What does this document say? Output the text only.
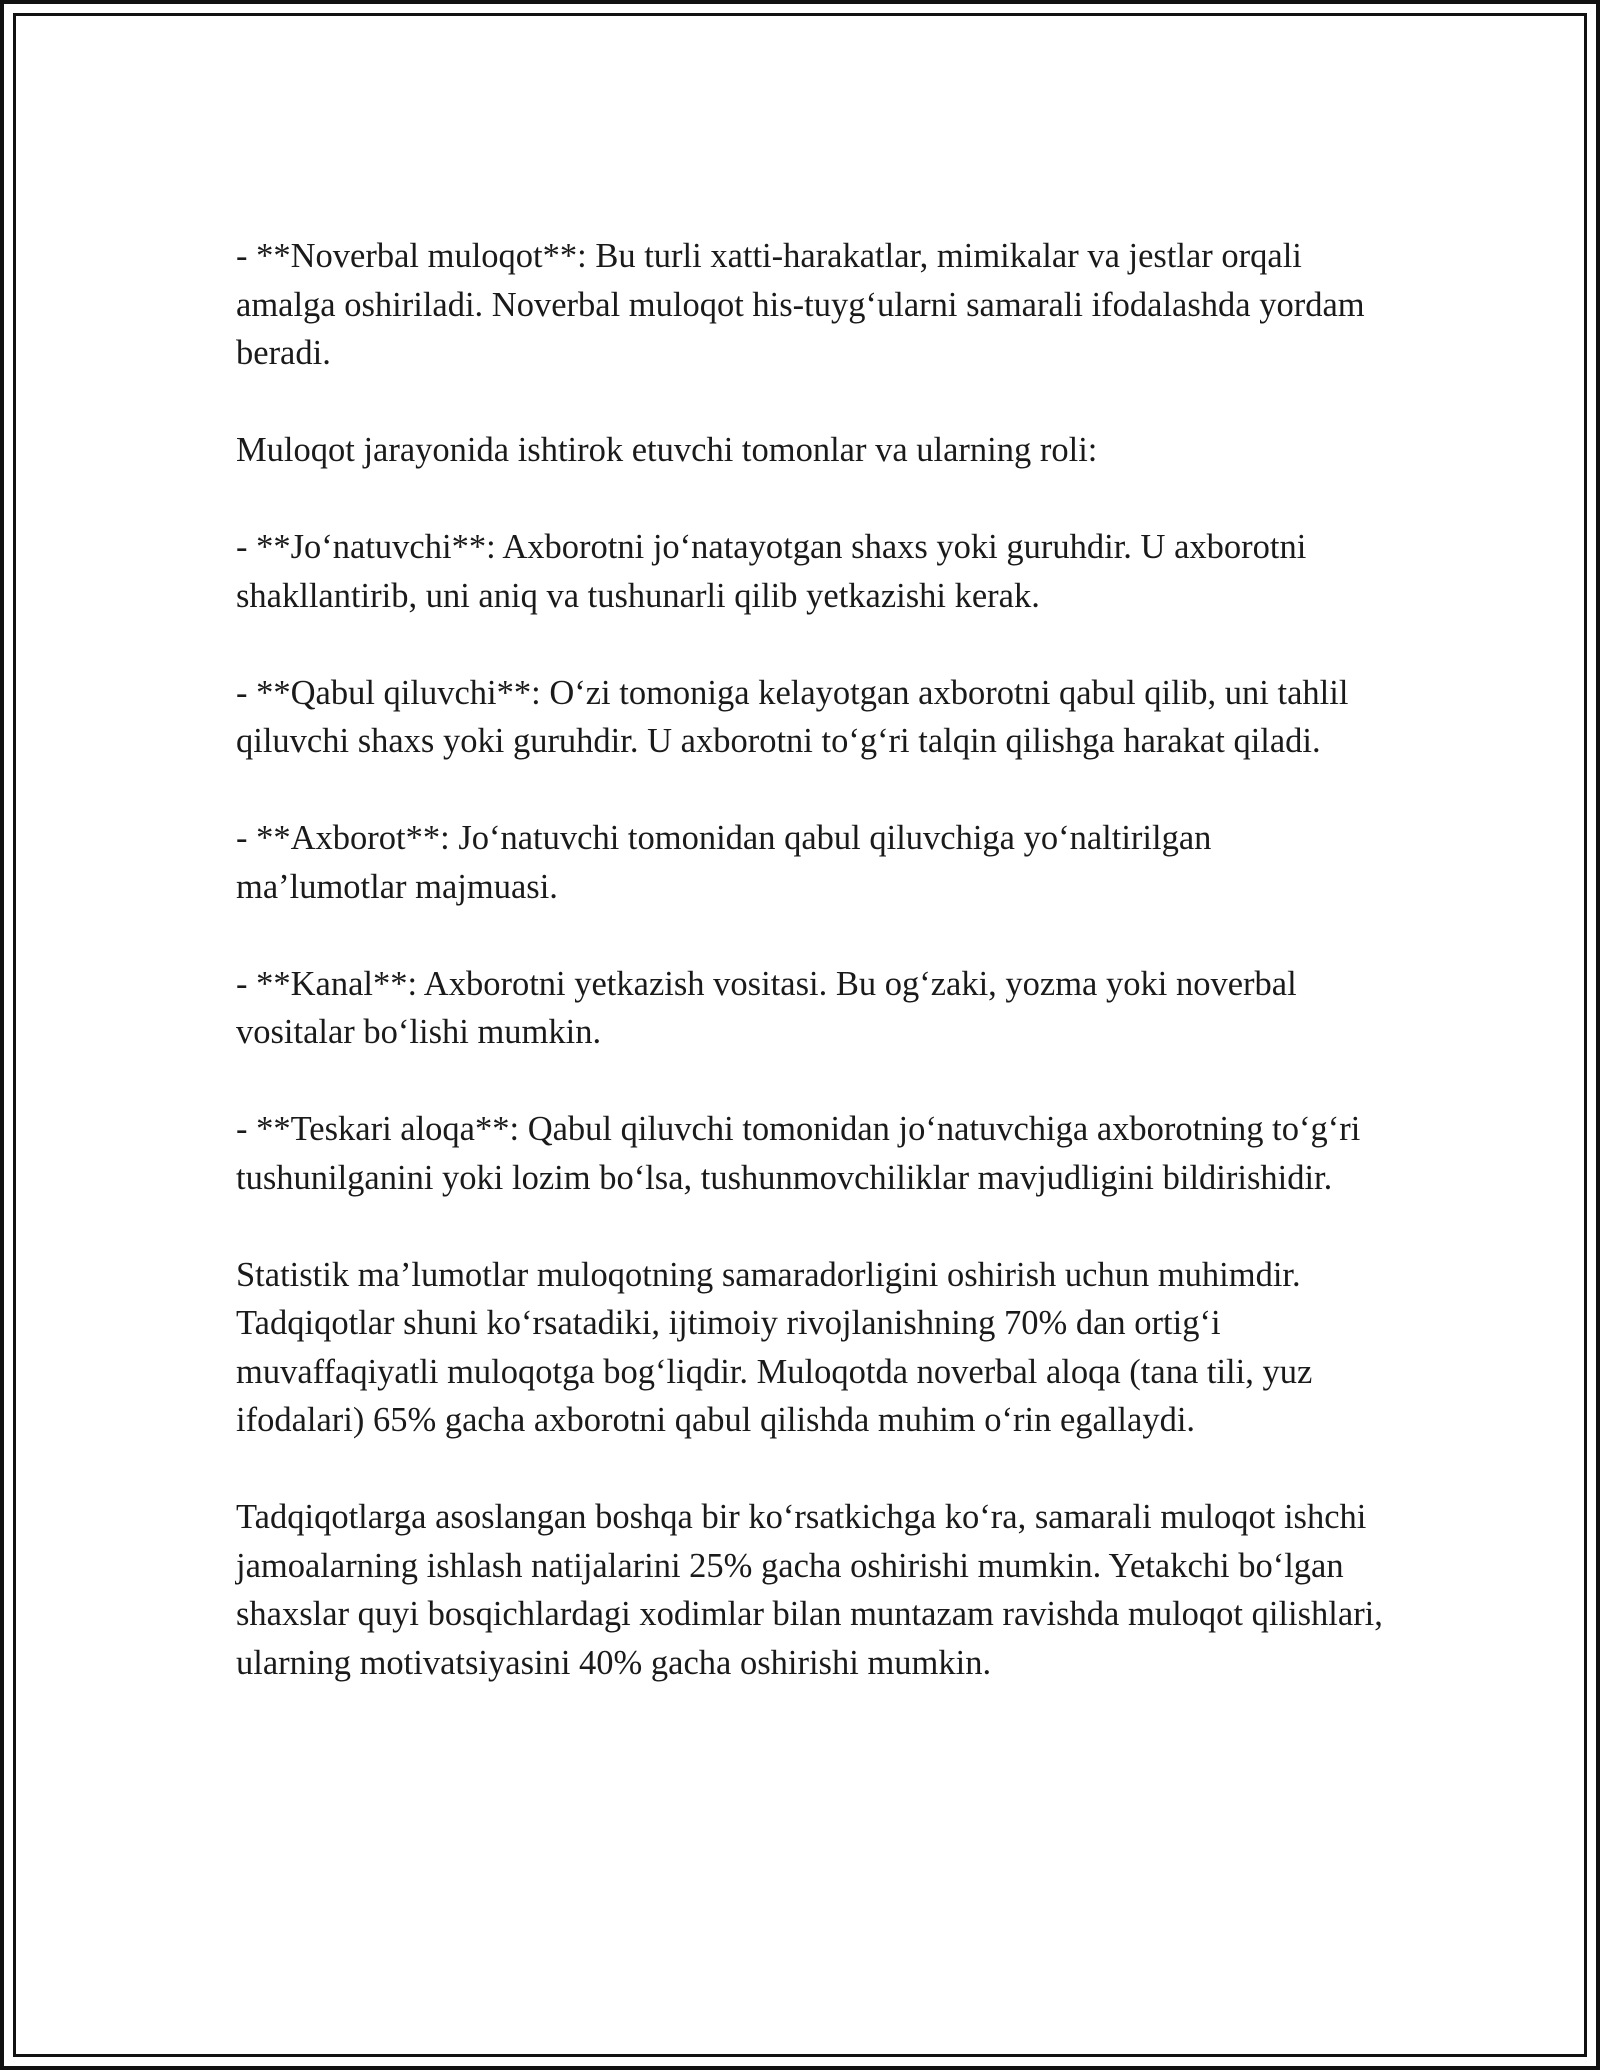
- **Noverbal muloqot**: Bu turli xatti-harakatlar, mimikalar va jestlar orqali amalga oshiriladi. Noverbal muloqot his-tuyg‘ularni samarali ifodalashda yordam beradi.

Muloqot jarayonida ishtirok etuvchi tomonlar va ularning roli:

- **Jo‘natuvchi**: Axborotni jo‘natayotgan shaxs yoki guruhdir. U axborotni shakllantirib, uni aniq va tushunarli qilib yetkazishi kerak.

- **Qabul qiluvchi**: O‘zi tomoniga kelayotgan axborotni qabul qilib, uni tahlil qiluvchi shaxs yoki guruhdir. U axborotni to‘g‘ri talqin qilishga harakat qiladi.

- **Axborot**: Jo‘natuvchi tomonidan qabul qiluvchiga yo‘naltirilgan ma’lumotlar majmuasi.

- **Kanal**: Axborotni yetkazish vositasi. Bu og‘zaki, yozma yoki noverbal vositalar bo‘lishi mumkin.

- **Teskari aloqa**: Qabul qiluvchi tomonidan jo‘natuvchiga axborotning to‘g‘ri tushunilganini yoki lozim bo‘lsa, tushunmovchiliklar mavjudligini bildirishidir.

Statistik ma’lumotlar muloqotning samaradorligini oshirish uchun muhimdir. Tadqiqotlar shuni ko‘rsatadiki, ijtimoiy rivojlanishning 70% dan ortig‘i muvaffaqiyatli muloqotga bog‘liqdir. Muloqotda noverbal aloqa (tana tili, yuz ifodalari) 65% gacha axborotni qabul qilishda muhim o‘rin egallaydi.

Tadqiqotlarga asoslangan boshqa bir ko‘rsatkichga ko‘ra, samarali muloqot ishchi jamoalarning ishlash natijalarini 25% gacha oshirishi mumkin. Yetakchi bo‘lgan shaxslar quyi bosqichlardagi xodimlar bilan muntazam ravishda muloqot qilishlari, ularning motivatsiyasini 40% gacha oshirishi mumkin.
